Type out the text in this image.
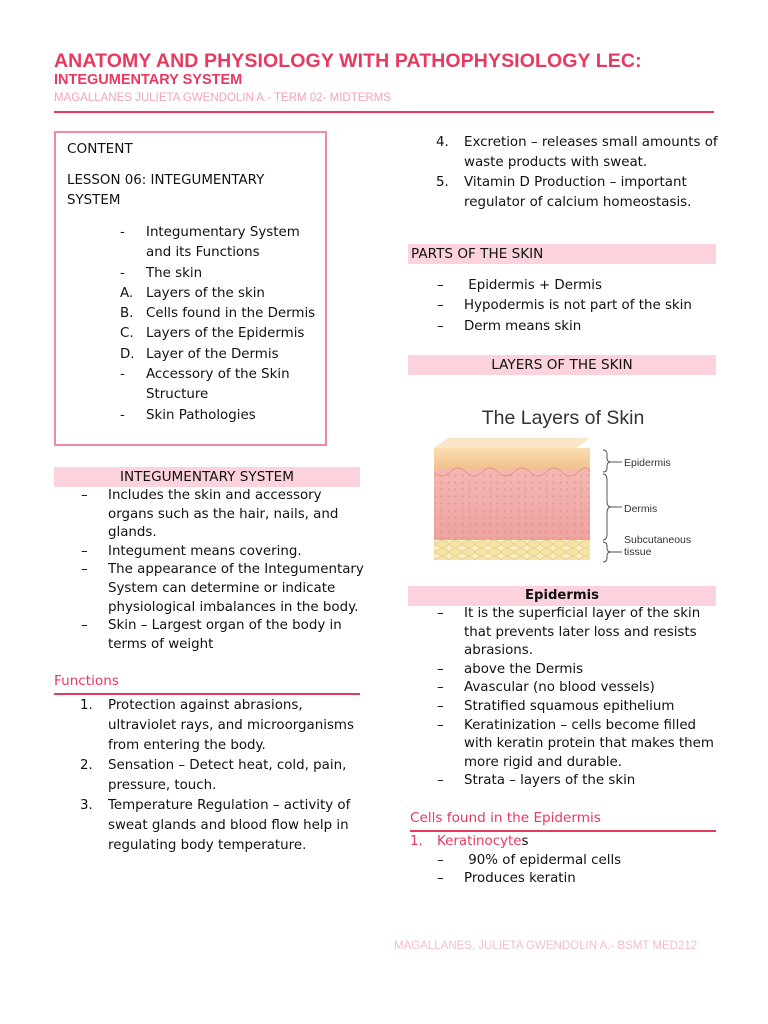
ANATOMY AND PHYSIOLOGY WITH PATHOPHYSIOLOGY LEC:
INTEGUMENTARY SYSTEM
MAGALLANES JULIETA GWENDOLIN A.- TERM 02- MIDTERMS
CONTENT
LESSON 06: INTEGUMENTARY SYSTEM
- Integumentary System and its Functions
- The skin
A. Layers of the skin
B. Cells found in the Dermis
C. Layers of the Epidermis
D. Layer of the Dermis
- Accessory of the Skin Structure
- Skin Pathologies
INTEGUMENTARY SYSTEM
– Includes the skin and accessory organs such as the hair, nails, and glands.
– Integument means covering.
– The appearance of the Integumentary System can determine or indicate physiological imbalances in the body.
– Skin – Largest organ of the body in terms of weight
Functions
1. Protection against abrasions, ultraviolet rays, and microorganisms from entering the body.
2. Sensation – Detect heat, cold, pain, pressure, touch.
3. Temperature Regulation – activity of sweat glands and blood flow help in regulating body temperature.
4. Excretion – releases small amounts of waste products with sweat.
5. Vitamin D Production – important regulator of calcium homeostasis.
PARTS OF THE SKIN
– Epidermis + Dermis
– Hypodermis is not part of the skin
– Derm means skin
LAYERS OF THE SKIN
The Layers of Skin
Epidermis
Dermis
Subcutaneous
tissue
Epidermis
– It is the superficial layer of the skin that prevents later loss and resists abrasions.
– above the Dermis
– Avascular (no blood vessels)
– Stratified squamous epithelium
– Keratinization – cells become filled with keratin protein that makes them more rigid and durable.
– Strata – layers of the skin
Cells found in the Epidermis
1. Keratinocytes
– 90% of epidermal cells
– Produces keratin
MAGALLANES, JULIETA GWENDOLIN A.- BSMT MED212
